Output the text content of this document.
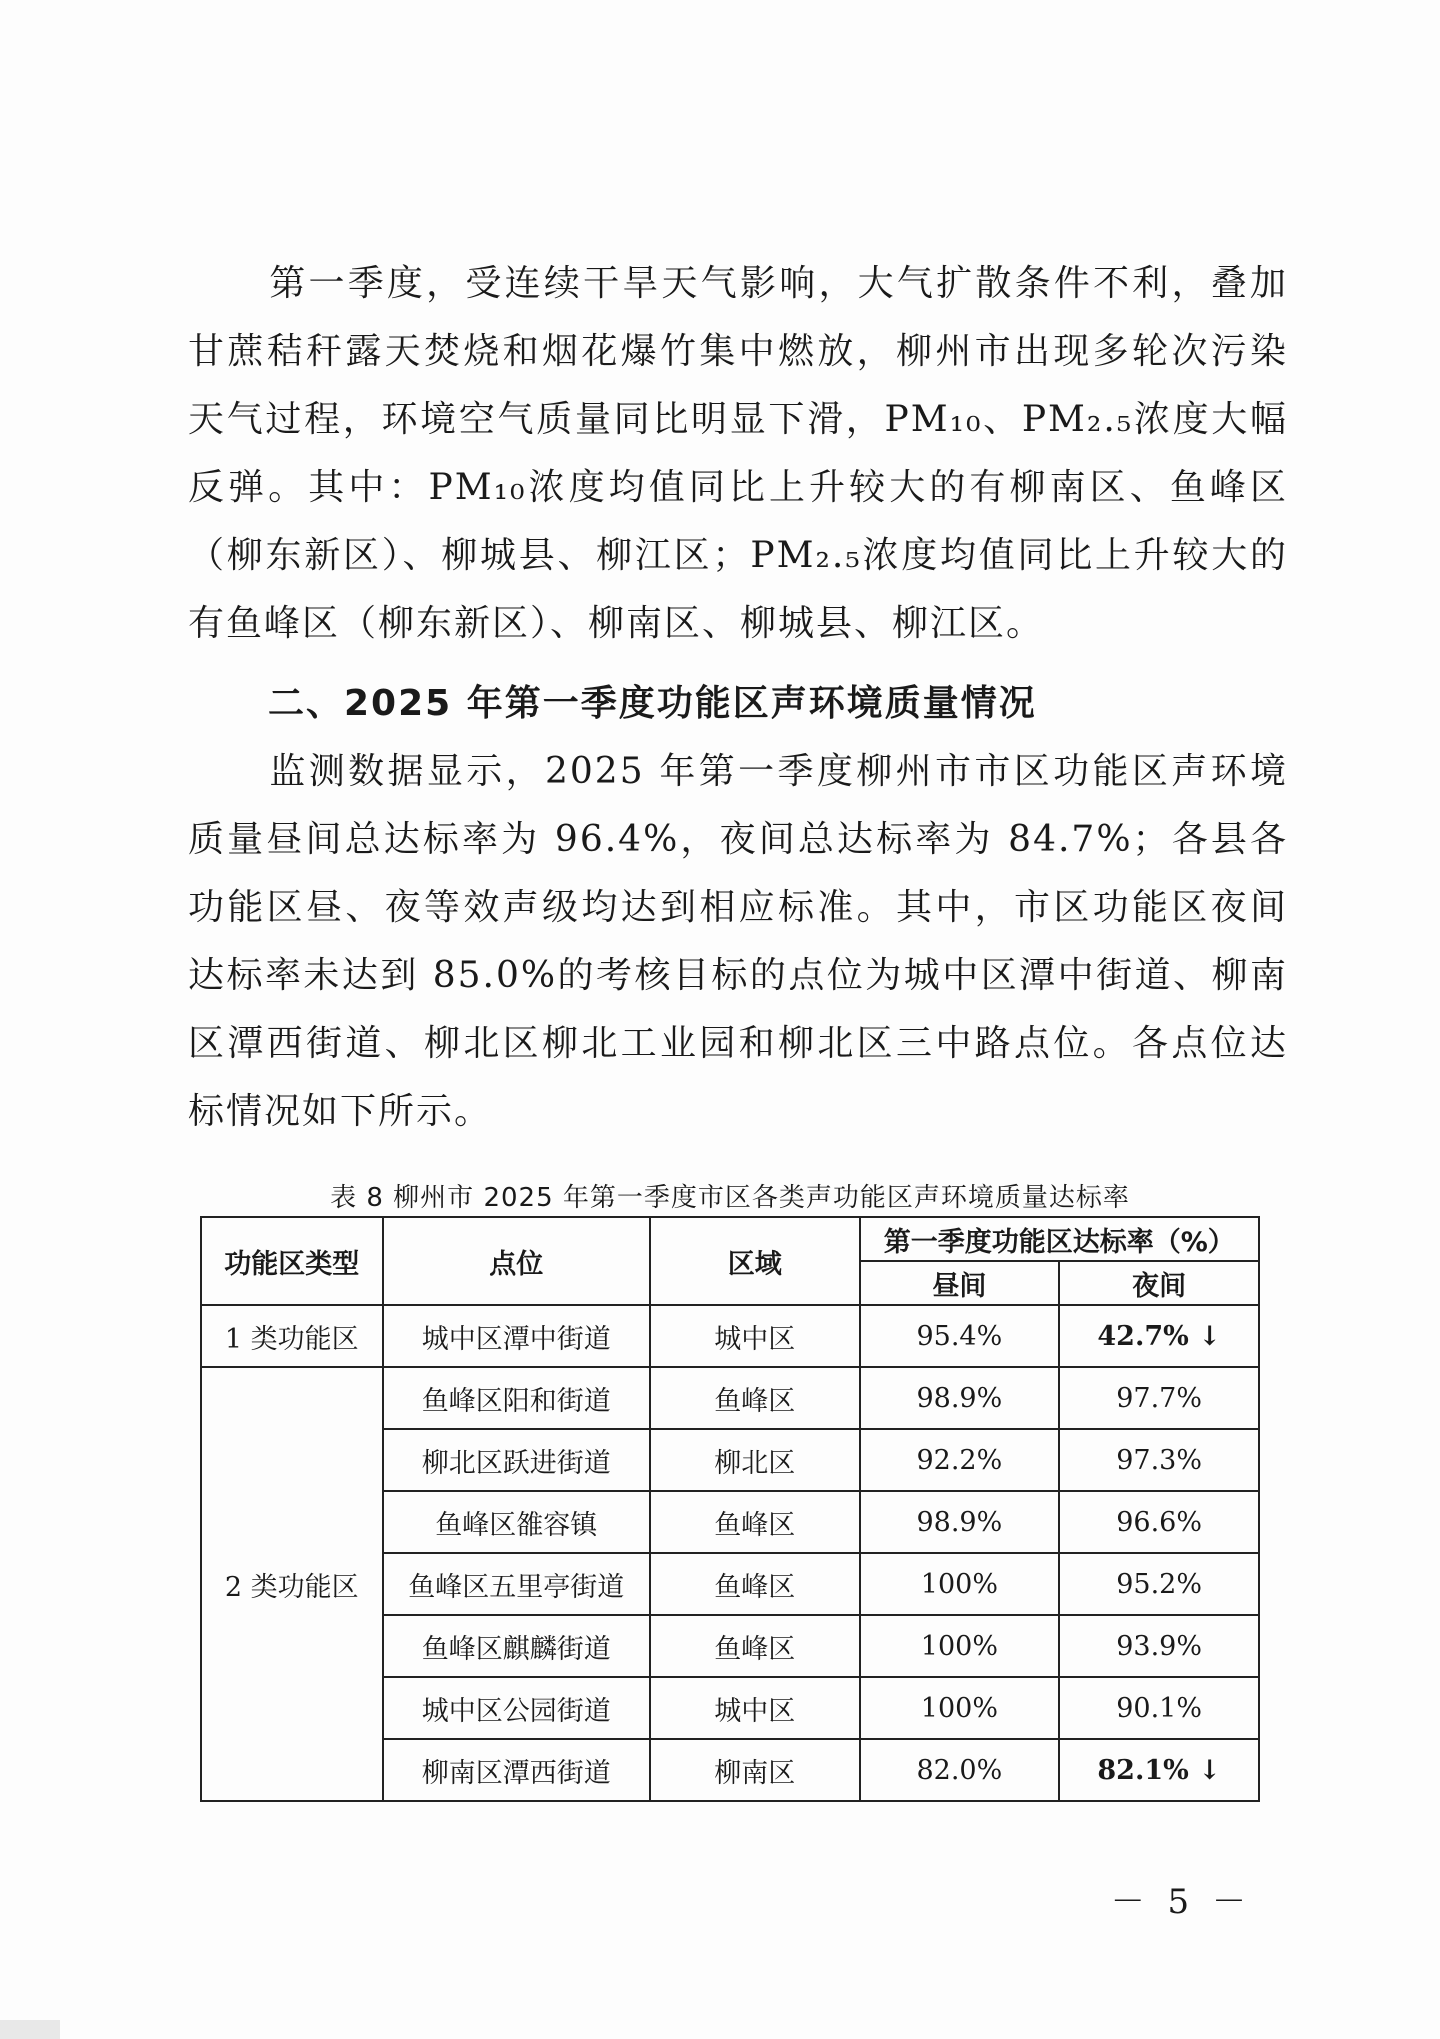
第一季度，受连续干旱天气影响，大气扩散条件不利，叠加甘蔗秸秆露天焚烧和烟花爆竹集中燃放，柳州市出现多轮次污染天气过程，环境空气质量同比明显下滑，PM₁₀、PM₂.₅浓度大幅反弹。其中：PM₁₀浓度均值同比上升较大的有柳南区、鱼峰区（柳东新区）、柳城县、柳江区；PM₂.₅浓度均值同比上升较大的有鱼峰区（柳东新区）、柳南区、柳城县、柳江区。

二、2025 年第一季度功能区声环境质量情况

监测数据显示，2025 年第一季度柳州市市区功能区声环境质量昼间总达标率为 96.4%，夜间总达标率为 84.7%；各县各功能区昼、夜等效声级均达到相应标准。其中，市区功能区夜间达标率未达到 85.0%的考核目标的点位为城中区潭中街道、柳南区潭西街道、柳北区柳北工业园和柳北区三中路点位。各点位达标情况如下所示。

表 8 柳州市 2025 年第一季度市区各类声功能区声环境质量达标率
功能区类型	点位	区域	第一季度功能区达标率（%）	
			昼间	夜间
1 类功能区	城中区潭中街道	城中区	95.4%	42.7% ↓
2 类功能区	鱼峰区阳和街道	鱼峰区	98.9%	97.7%
	柳北区跃进街道	柳北区	92.2%	97.3%
	鱼峰区雒容镇	鱼峰区	98.9%	96.6%
	鱼峰区五里亭街道	鱼峰区	100%	95.2%
	鱼峰区麒麟街道	鱼峰区	100%	93.9%
	城中区公园街道	城中区	100%	90.1%
	柳南区潭西街道	柳南区	82.0%	82.1% ↓
－ 5 －
